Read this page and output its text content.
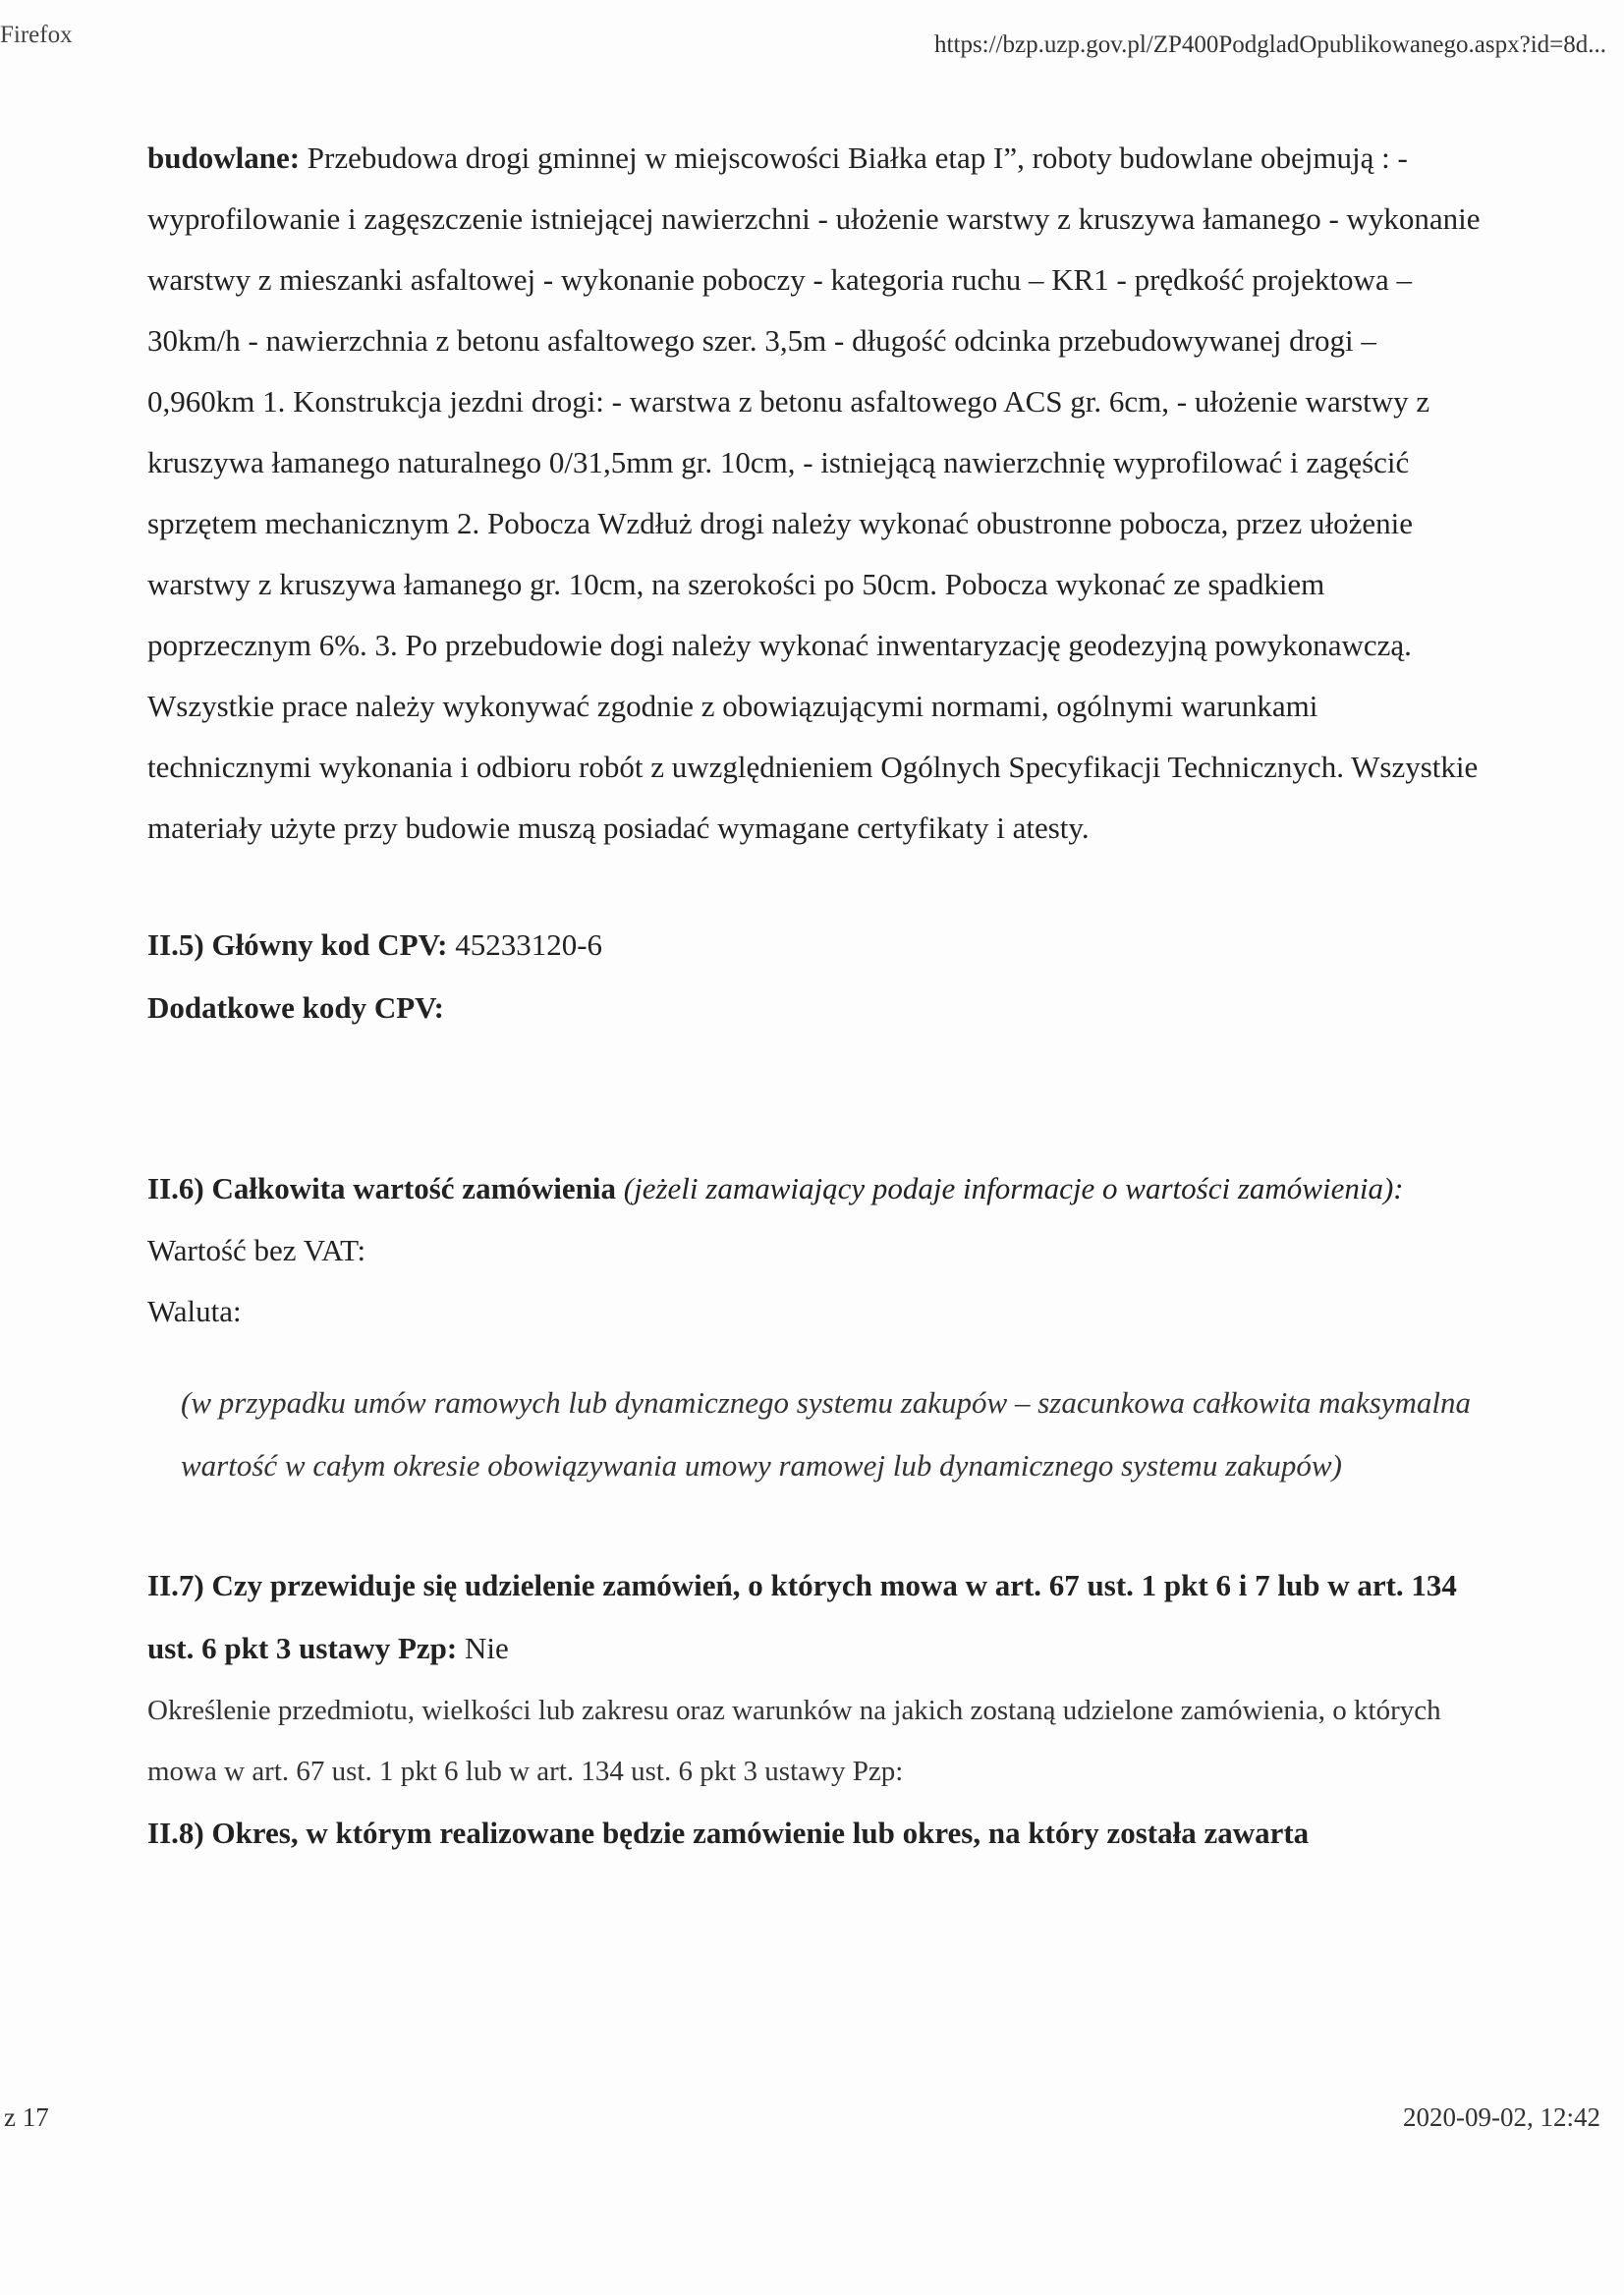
Firefox	https://bzp.uzp.gov.pl/ZP400PodgladOpublikowanego.aspx?id=8d...

budowlane: Przebudowa drogi gminnej w miejscowości Białka etap I”, roboty budowlane obejmują : - wyprofilowanie i zagęszczenie istniejącej nawierzchni - ułożenie warstwy z kruszywa łamanego - wykonanie warstwy z mieszanki asfaltowej - wykonanie poboczy - kategoria ruchu – KR1 - prędkość projektowa – 30km/h - nawierzchnia z betonu asfaltowego szer. 3,5m - długość odcinka przebudowywanej drogi – 0,960km 1. Konstrukcja jezdni drogi: - warstwa z betonu asfaltowego ACS gr. 6cm, - ułożenie warstwy z kruszywa łamanego naturalnego 0/31,5mm gr. 10cm, - istniejącą nawierzchnię wyprofilować i zagęścić sprzętem mechanicznym 2. Pobocza Wzdłuż drogi należy wykonać obustronne pobocza, przez ułożenie warstwy z kruszywa łamanego gr. 10cm, na szerokości po 50cm. Pobocza wykonać ze spadkiem poprzecznym 6%. 3. Po przebudowie dogi należy wykonać inwentaryzację geodezyjną powykonawczą. Wszystkie prace należy wykonywać zgodnie z obowiązującymi normami, ogólnymi warunkami technicznymi wykonania i odbioru robót z uwzględnieniem Ogólnych Specyfikacji Technicznych. Wszystkie materiały użyte przy budowie muszą posiadać wymagane certyfikaty i atesty.

II.5) Główny kod CPV: 45233120-6

Dodatkowe kody CPV:

II.6) Całkowita wartość zamówienia (jeżeli zamawiający podaje informacje o wartości zamówienia):

Wartość bez VAT:

Waluta:

(w przypadku umów ramowych lub dynamicznego systemu zakupów – szacunkowa całkowita maksymalna wartość w całym okresie obowiązywania umowy ramowej lub dynamicznego systemu zakupów)

II.7) Czy przewiduje się udzielenie zamówień, o których mowa w art. 67 ust. 1 pkt 6 i 7 lub w art. 134 ust. 6 pkt 3 ustawy Pzp: Nie

Określenie przedmiotu, wielkości lub zakresu oraz warunków na jakich zostaną udzielone zamówienia, o których mowa w art. 67 ust. 1 pkt 6 lub w art. 134 ust. 6 pkt 3 ustawy Pzp:

II.8) Okres, w którym realizowane będzie zamówienie lub okres, na który została zawarta

z 17	2020-09-02, 12:42
